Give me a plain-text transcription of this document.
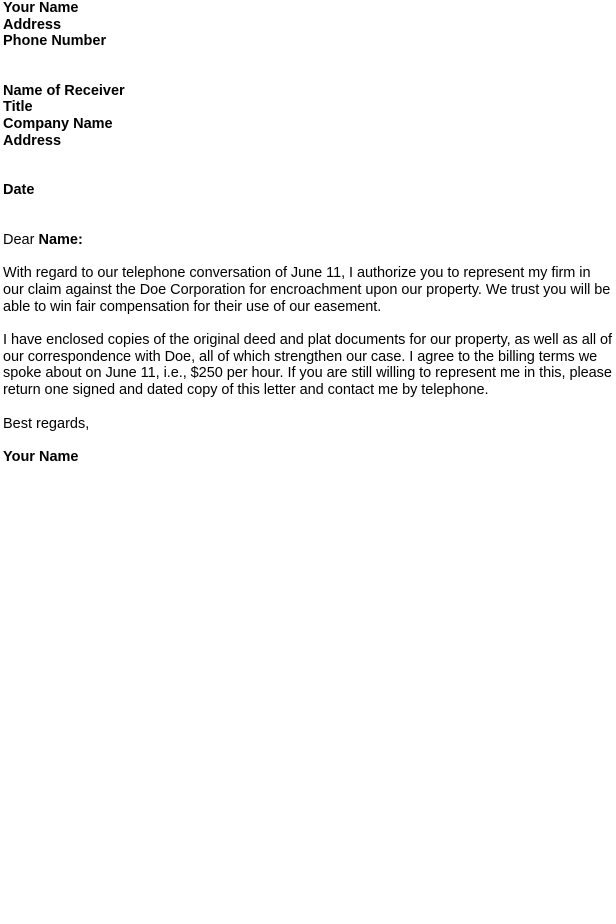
Your Name
Address
Phone Number
Name of Receiver
Title
Company Name
Address
Date
Dear Name:
With regard to our telephone conversation of June 11, I authorize you to represent my firm in
our claim against the Doe Corporation for encroachment upon our property. We trust you will be
able to win fair compensation for their use of our easement.
I have enclosed copies of the original deed and plat documents for our property, as well as all of
our correspondence with Doe, all of which strengthen our case. I agree to the billing terms we
spoke about on June 11, i.e., $250 per hour. If you are still willing to represent me in this, please
return one signed and dated copy of this letter and contact me by telephone.
Best regards,
Your Name
